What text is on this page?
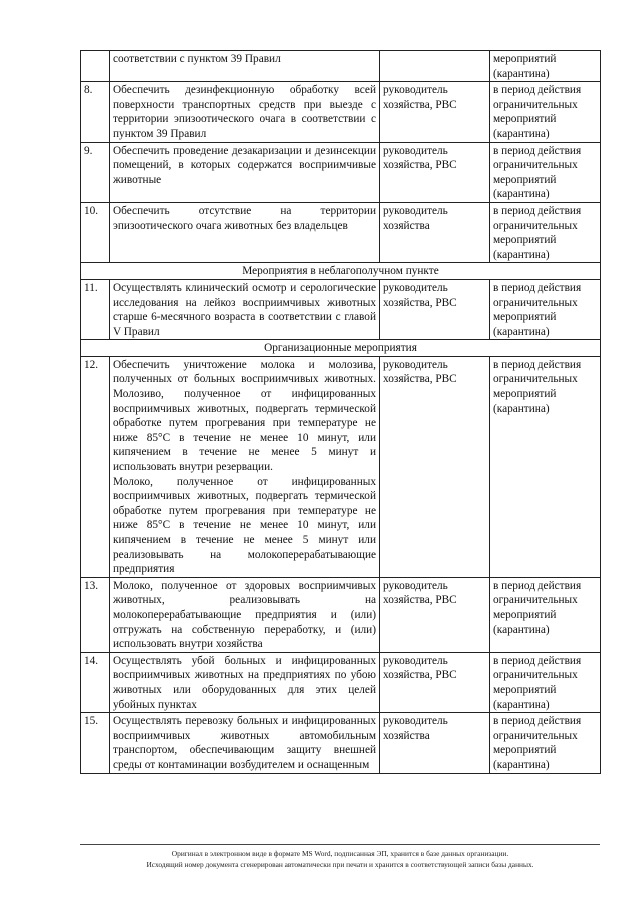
	соответствии с пунктом 39 Правил		мероприятий (карантина)
8.	Обеспечить дезинфекционную обработку всей поверхности транспортных средств при выезде с территории эпизоотического очага в соответствии с пунктом 39 Правил	руководитель хозяйства, РВС	в период действия ограничительных мероприятий (карантина)
9.	Обеспечить проведение дезакаризации и дезинсекции помещений, в которых содержатся восприимчивые животные	руководитель хозяйства, РВС	в период действия ограничительных мероприятий (карантина)
10.	Обеспечить отсутствие на территории эпизоотического очага животных без владельцев	руководитель хозяйства	в период действия ограничительных мероприятий (карантина)
Мероприятия в неблагополучном пункте			
11.	Осуществлять клинический осмотр и серологические исследования на лейкоз восприимчивых животных старше 6-месячного возраста в соответствии с главой V Правил	руководитель хозяйства, РВС	в период действия ограничительных мероприятий (карантина)
Организационные мероприятия			
12.	Обеспечить уничтожение молока и молозива, полученных от больных восприимчивых животных. Молозиво, полученное от инфицированных восприимчивых животных, подвергать термической обработке путем прогревания при температуре не ниже 85°С в течение не менее 10 минут, или кипячением в течение не менее 5 минут и использовать внутри резервации.
Молоко, полученное от инфицированных восприимчивых животных, подвергать термической обработке путем прогревания при температуре не ниже 85°С в течение не менее 10 минут, или кипячением в течение не менее 5 минут или реализовывать на молокоперерабатывающие предприятия	руководитель хозяйства, РВС	в период действия ограничительных мероприятий (карантина)
13.	Молоко, полученное от здоровых восприимчивых животных, реализовывать на молокоперерабатывающие предприятия и (или) отгружать на собственную переработку, и (или) использовать внутри хозяйства	руководитель хозяйства, РВС	в период действия ограничительных мероприятий (карантина)
14.	Осуществлять убой больных и инфицированных восприимчивых животных на предприятиях по убою животных или оборудованных для этих целей убойных пунктах	руководитель хозяйства, РВС	в период действия ограничительных мероприятий (карантина)
15.	Осуществлять перевозку больных и инфицированных восприимчивых животных автомобильным транспортом, обеспечивающим защиту внешней среды от контаминации возбудителем и оснащенным	руководитель хозяйства	в период действия ограничительных мероприятий (карантина)
Оригинал в электронном виде в формате MS Word, подписанная ЭП, хранится в базе данных организации.
Исходящий номер документа сгенерирован автоматически при печати и хранится в соответствующей записи базы данных.
